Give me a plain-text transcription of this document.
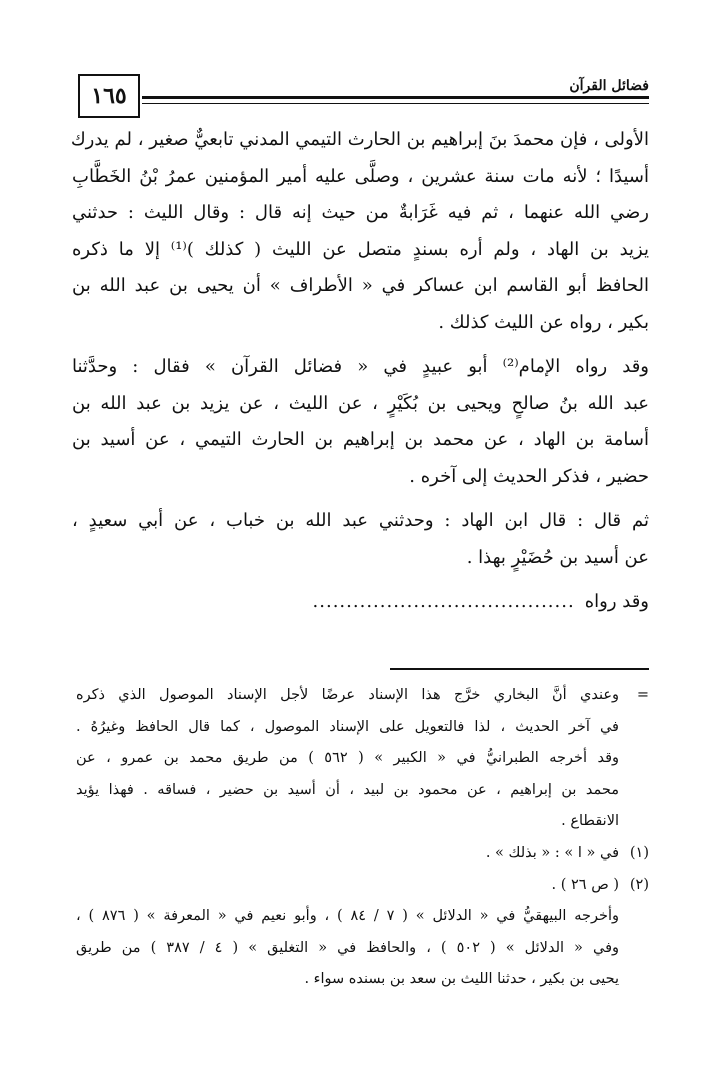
١٦٥	فضائل القرآن
الأولى ، فإن محمدَ بنَ إبراهيم بن الحارث التيمي المدني تابعيٌّ صغير ، لم يدرك
أسيدًا ؛ لأنه مات سنة عشرين ، وصلَّى عليه أمير المؤمنين عمرُ بْنُ الخَطَّابِ
رضي الله عنهما ، ثم فيه غَرَابةٌ من حيث إنه قال : وقال الليث : حدثني
يزيد بن الهاد ، ولم أره بسندٍ متصل عن الليث ( كذلك )⁽¹⁾ إلا ما ذكره
الحافظ أبو القاسم ابن عساكر في « الأطراف » أن يحيى بن عبد الله بن
بكير ، رواه عن الليث كذلك .
وقد رواه الإمام⁽²⁾ أبو عبيدٍ في « فضائل القرآن » فقال : وحدَّثنا
عبد الله بنُ صالحٍ ويحيى بن بُكَيْرٍ ، عن الليث ، عن يزيد بن عبد الله بن
أسامة بن الهاد ، عن محمد بن إبراهيم بن الحارث التيمي ، عن أسيد بن
حضير ، فذكر الحديث إلى آخره .
ثم قال : قال ابن الهاد : وحدثني عبد الله بن خباب ، عن أبي سعيدٍ ،
عن أسيد بن حُضَيْرٍ بهذا .
وقد رواه.......................................
=
وعندي أنَّ البخاري خرَّج هذا الإسناد عرضًا لأجل الإسناد الموصول الذي ذكره
في آخر الحديث ، لذا فالتعويل على الإسناد الموصول ، كما قال الحافظ وغيرُهُ .
وقد أخرجه الطبرانيُّ في « الكبير » ( ٥٦٢ ) من طريق محمد بن عمرو ، عن
محمد بن إبراهيم ، عن محمود بن لبيد ، أن أسيد بن حضير ، فساقه . فهذا يؤيد
الانقطاع .
(١)
في « ا » : « بذلك » .
(٢)
( ص ٢٦ ) .
وأخرجه البيهقيُّ في « الدلائل » ( ٧ / ٨٤ ) ، وأبو نعيم في « المعرفة » ( ٨٧٦ ) ،
وفي « الدلائل » ( ٥٠٢ ) ، والحافظ في « التغليق » ( ٤ / ٣٨٧ ) من طريق
يحيى بن بكير ، حدثنا الليث بن سعد بن بسنده سواء .
